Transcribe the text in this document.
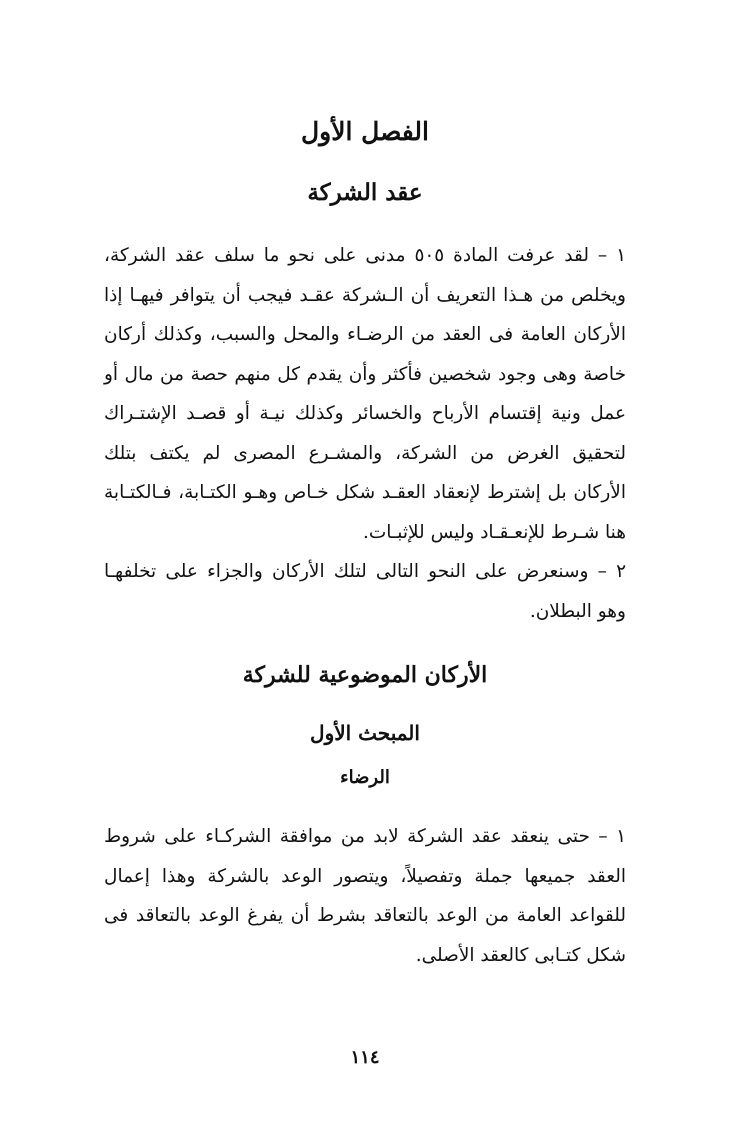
الفصل الأول
عقد الشركة

١ – لقد عرفت المادة ٥٠٥ مدنى على نحو ما سلف عقد الشركة، ويخلص من هـذا التعريف أن الـشركة عقـد فيجب أن يتوافر فيهـا إذا الأركان العامة فى العقد من الرضـاء والمحل والسبب، وكذلك أركان خاصة وهى وجود شخصين فأكثر وأن يقدم كل منهم حصة من مال أو عمل ونية إقتسام الأرباح والخسائر وكذلك نيـة أو قصـد الإشتـراك لتحقيق الغرض من الشركة، والمشـرع المصرى لم يكتف بتلك الأركان بل إشترط لإنعقاد العقـد شكل خـاص وهـو الكتـابة، فـالكتـابة هنا شـرط للإنعـقـاد وليس للإثبـات.

٢ – وسنعرض على النحو التالى لتلك الأركان والجزاء على تخلفهـا وهو البطلان.

الأركان الموضوعية للشركة
المبحث الأول
الرضاء

١ – حتى ينعقد عقد الشركة لابد من موافقة الشركـاء على شروط العقد جميعها جملة وتفصيلاً، ويتصور الوعد بالشركة وهذا إعمال للقواعد العامة من الوعد بالتعاقد بشرط أن يفرغ الوعد بالتعاقد فى شكل كتـابى كالعقد الأصلى.

١١٤
